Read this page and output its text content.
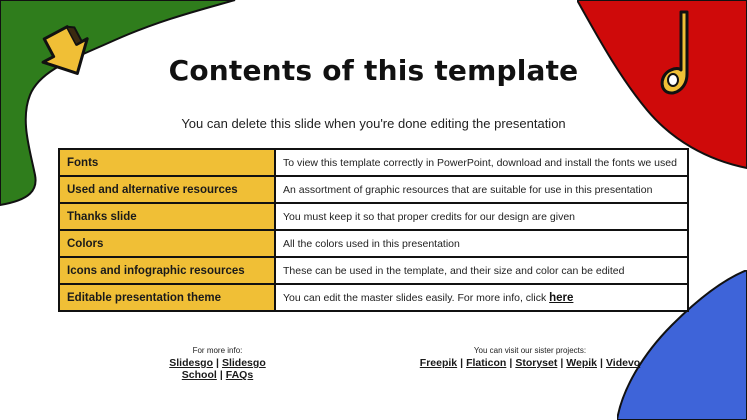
Contents of this template
You can delete this slide when you're done editing the presentation
Fonts	To view this template correctly in PowerPoint, download and install the fonts we used
Used and alternative resources	An assortment of graphic resources that are suitable for use in this presentation
Thanks slide	You must keep it so that proper credits for our design are given
Colors	All the colors used in this presentation
Icons and infographic resources	These can be used in the template, and their size and color can be edited
Editable presentation theme	You can edit the master slides easily. For more info, click here
For more info:
Slidesgo | Slidesgo School | FAQs
You can visit our sister projects:
Freepik | Flaticon | Storyset | Wepik | Videvo
